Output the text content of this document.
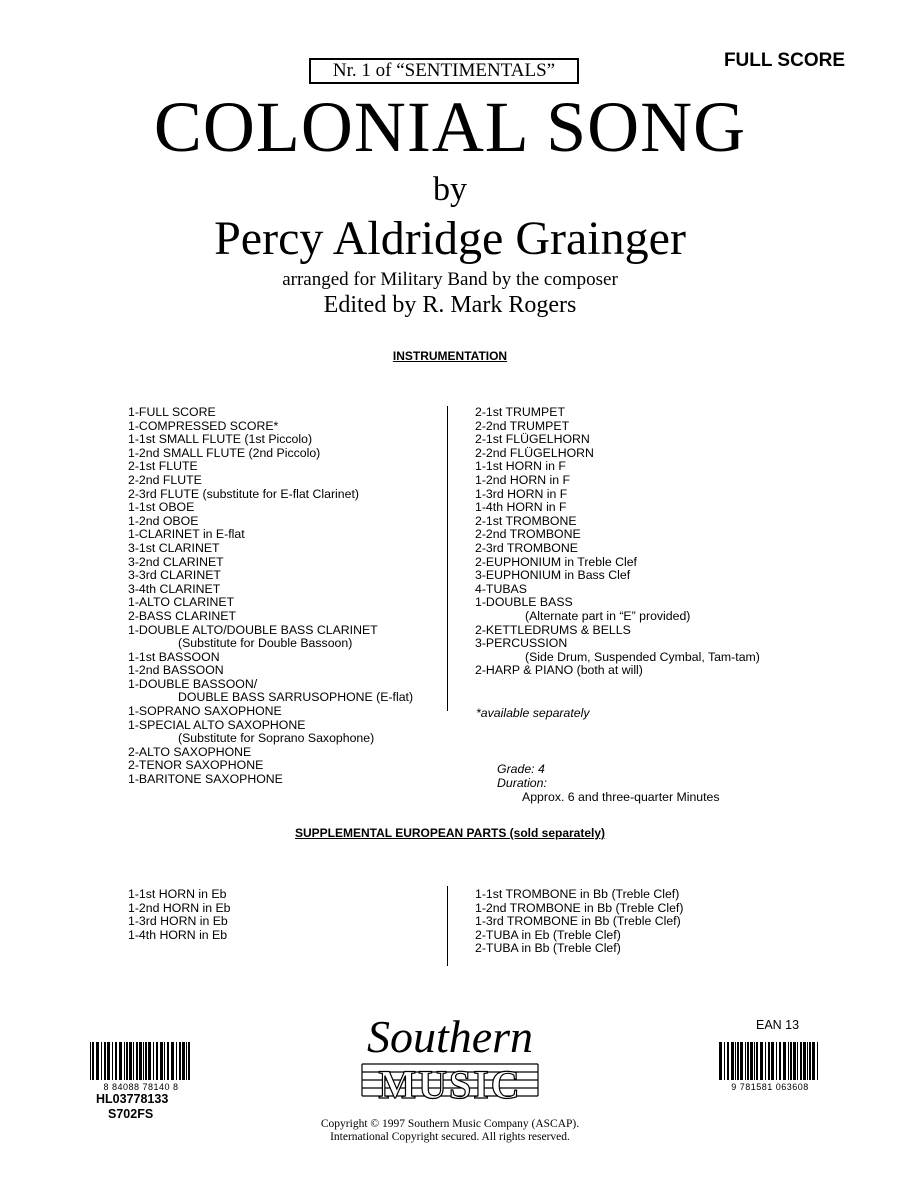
Nr. 1 of “SENTIMENTALS”	FULL SCORE
COLONIAL SONG
by
Percy Aldridge Grainger
arranged for Military Band by the composer
Edited by R. Mark Rogers
INSTRUMENTATION
1-FULL SCORE
1-COMPRESSED SCORE*
1-1st SMALL FLUTE (1st Piccolo)
1-2nd SMALL FLUTE (2nd Piccolo)
2-1st FLUTE
2-2nd FLUTE
2-3rd FLUTE (substitute for E-flat Clarinet)
1-1st OBOE
1-2nd OBOE
1-CLARINET in E-flat
3-1st CLARINET
3-2nd CLARINET
3-3rd CLARINET
3-4th CLARINET
1-ALTO CLARINET
2-BASS CLARINET
1-DOUBLE ALTO/DOUBLE BASS CLARINET
(Substitute for Double Bassoon)
1-1st BASSOON
1-2nd BASSOON
1-DOUBLE BASSOON/
DOUBLE BASS SARRUSOPHONE (E-flat)
1-SOPRANO SAXOPHONE
1-SPECIAL ALTO SAXOPHONE
(Substitute for Soprano Saxophone)
2-ALTO SAXOPHONE
2-TENOR SAXOPHONE
1-BARITONE SAXOPHONE
2-1st TRUMPET
2-2nd TRUMPET
2-1st FLÜGELHORN
2-2nd FLÜGELHORN
1-1st HORN in F
1-2nd HORN in F
1-3rd HORN in F
1-4th HORN in F
2-1st TROMBONE
2-2nd TROMBONE
2-3rd TROMBONE
2-EUPHONIUM in Treble Clef
3-EUPHONIUM in Bass Clef
4-TUBAS
1-DOUBLE BASS
(Alternate part in “E” provided)
2-KETTLEDRUMS & BELLS
3-PERCUSSION
(Side Drum, Suspended Cymbal, Tam-tam)
2-HARP & PIANO (both at will)
*available separately
Grade: 4
Duration:
Approx. 6 and three-quarter Minutes
SUPPLEMENTAL EUROPEAN PARTS (sold separately)
1-1st HORN in Eb
1-2nd HORN in Eb
1-3rd HORN in Eb
1-4th HORN in Eb
1-1st TROMBONE in Bb (Treble Clef)
1-2nd TROMBONE in Bb (Treble Clef)
1-3rd TROMBONE in Bb (Treble Clef)
2-TUBA in Eb (Treble Clef)
2-TUBA in Bb (Treble Clef)
Southern
MUSIC
Copyright © 1997 Southern Music Company (ASCAP).
International Copyright secured. All rights reserved.
8 84088 78140 8
HL03778133
S702FS
EAN 13
9 781581 063608
